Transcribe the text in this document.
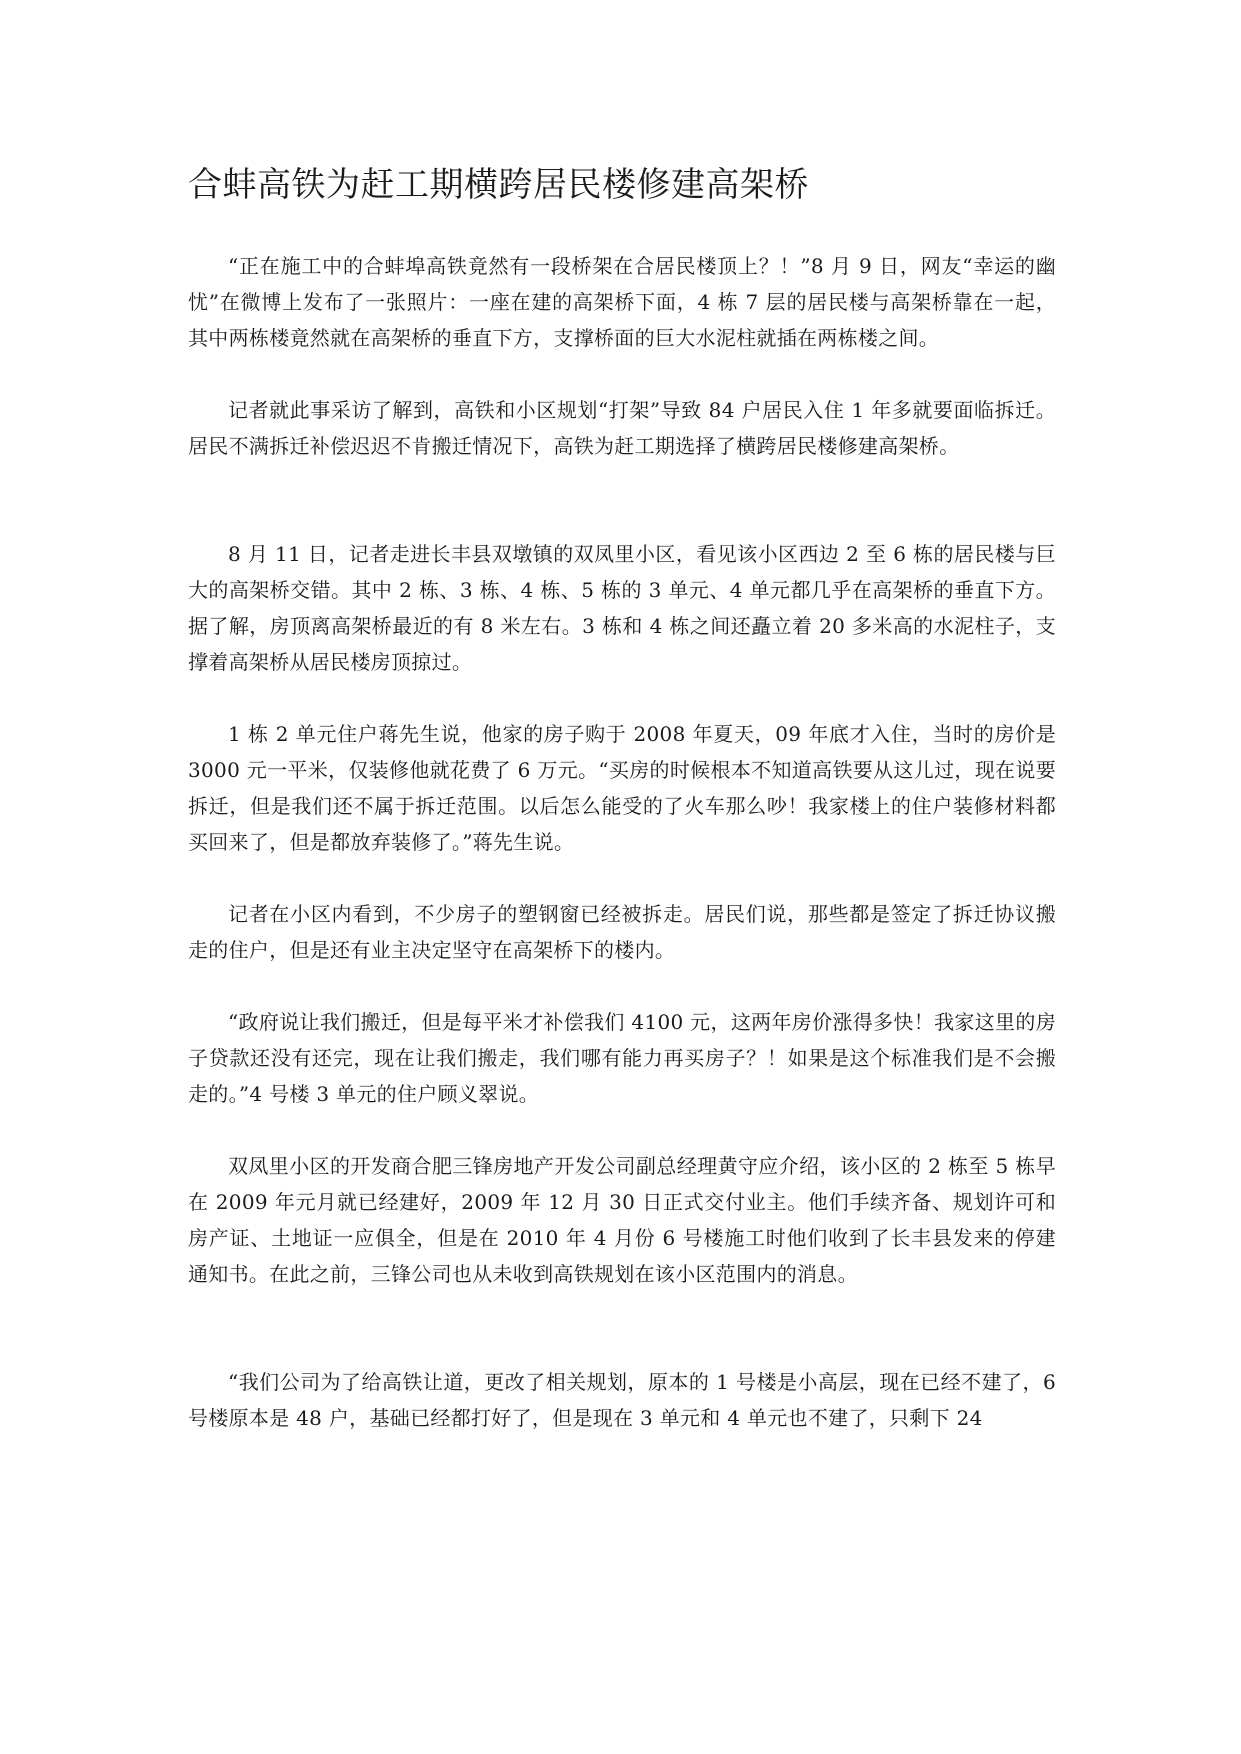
合蚌高铁为赶工期横跨居民楼修建高架桥

“正在施工中的合蚌埠高铁竟然有一段桥架在合居民楼顶上？！”8 月 9 日，网友“幸运的幽忧”在微博上发布了一张照片：一座在建的高架桥下面，4 栋 7 层的居民楼与高架桥靠在一起，其中两栋楼竟然就在高架桥的垂直下方，支撑桥面的巨大水泥柱就插在两栋楼之间。

记者就此事采访了解到，高铁和小区规划“打架”导致 84 户居民入住 1 年多就要面临拆迁。居民不满拆迁补偿迟迟不肯搬迁情况下，高铁为赶工期选择了横跨居民楼修建高架桥。

8 月 11 日，记者走进长丰县双墩镇的双凤里小区，看见该小区西边 2 至 6 栋的居民楼与巨大的高架桥交错。其中 2 栋、3 栋、4 栋、5 栋的 3 单元、4 单元都几乎在高架桥的垂直下方。据了解，房顶离高架桥最近的有 8 米左右。3 栋和 4 栋之间还矗立着 20 多米高的水泥柱子，支撑着高架桥从居民楼房顶掠过。

1 栋 2 单元住户蒋先生说，他家的房子购于 2008 年夏天，09 年底才入住，当时的房价是 3000 元一平米，仅装修他就花费了 6 万元。“买房的时候根本不知道高铁要从这儿过，现在说要拆迁，但是我们还不属于拆迁范围。以后怎么能受的了火车那么吵！我家楼上的住户装修材料都买回来了，但是都放弃装修了。”蒋先生说。

记者在小区内看到，不少房子的塑钢窗已经被拆走。居民们说，那些都是签定了拆迁协议搬走的住户，但是还有业主决定坚守在高架桥下的楼内。

“政府说让我们搬迁，但是每平米才补偿我们 4100 元，这两年房价涨得多快！我家这里的房子贷款还没有还完，现在让我们搬走，我们哪有能力再买房子？！如果是这个标准我们是不会搬走的。”4 号楼 3 单元的住户顾义翠说。

双凤里小区的开发商合肥三锋房地产开发公司副总经理黄守应介绍，该小区的 2 栋至 5 栋早在 2009 年元月就已经建好，2009 年 12 月 30 日正式交付业主。他们手续齐备、规划许可和房产证、土地证一应俱全，但是在 2010 年 4 月份 6 号楼施工时他们收到了长丰县发来的停建通知书。在此之前，三锋公司也从未收到高铁规划在该小区范围内的消息。

“我们公司为了给高铁让道，更改了相关规划，原本的 1 号楼是小高层，现在已经不建了，6 号楼原本是 48 户，基础已经都打好了，但是现在 3 单元和 4 单元也不建了，只剩下 24
